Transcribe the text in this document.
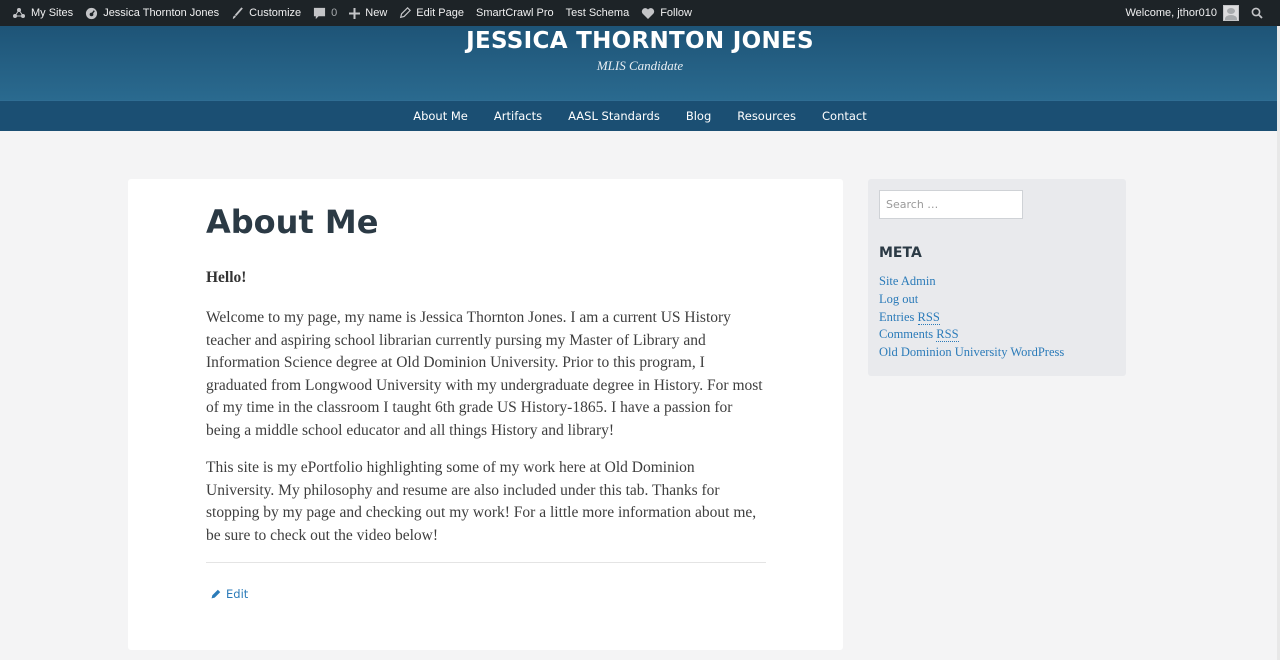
My Sites	Jessica Thornton Jones	Customize	0	New	Edit Page SmartCrawl Pro Test Schema	Follow	Welcome, jthor010
JESSICA THORNTON JONES
MLIS Candidate
About Me	Artifacts	AASL Standards	Blog	Resources	Contact
About Me
Hello!

Welcome to my page, my name is Jessica Thornton Jones. I am a current US History teacher and aspiring school librarian currently pursing my Master of Library and Information Science degree at Old Dominion University. Prior to this program, I graduated from Longwood University with my undergraduate degree in History. For most of my time in the classroom I taught 6th grade US History-1865. I have a passion for being a middle school educator and all things History and library!

This site is my ePortfolio highlighting some of my work here at Old Dominion University. My philosophy and resume are also included under this tab. Thanks for stopping by my page and checking out my work! For a little more information about me, be sure to check out the video below!

Edit
Search …
META
Site Admin
Log out
Entries RSS
Comments RSS
Old Dominion University WordPress
